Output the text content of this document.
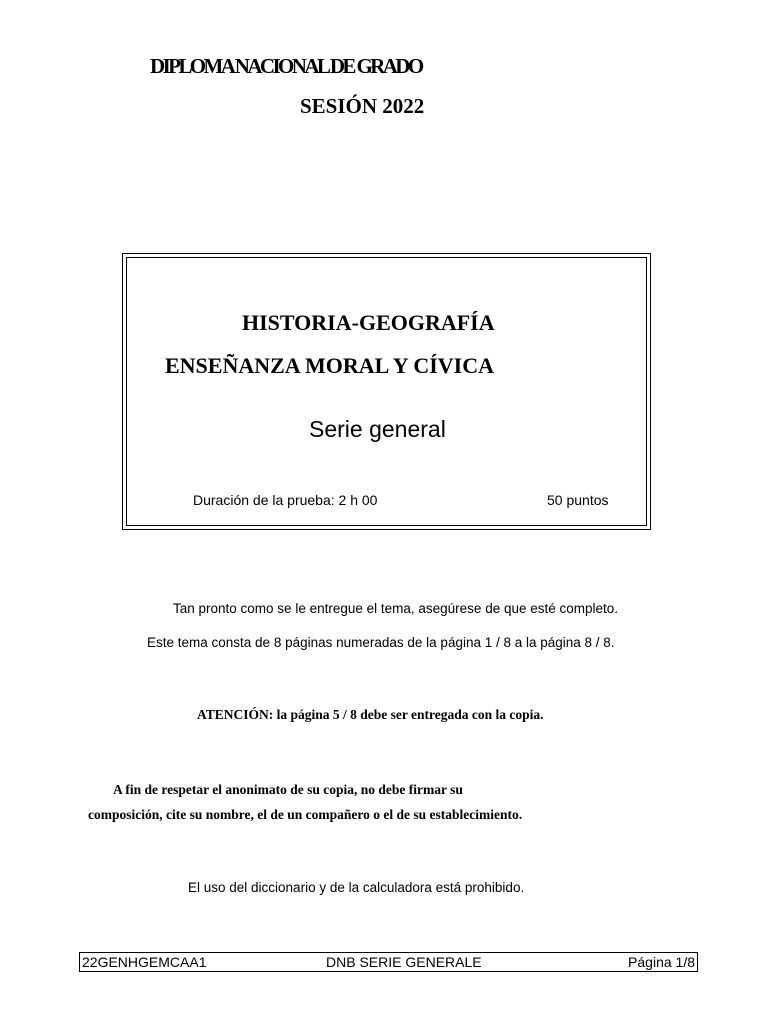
DIPLOMA NACIONAL DE GRADO
SESIÓN 2022
HISTORIA-GEOGRAFÍA
ENSEÑANZA MORAL Y CÍVICA
Serie general
Duración de la prueba: 2 h 00	50 puntos
Tan pronto como se le entregue el tema, asegúrese de que esté completo.
Este tema consta de 8 páginas numeradas de la página 1 / 8 a la página 8 / 8.
ATENCIÓN: la página 5 / 8 debe ser entregada con la copia.
A fin de respetar el anonimato de su copia, no debe firmar su
composición, cite su nombre, el de un compañero o el de su establecimiento.
El uso del diccionario y de la calculadora está prohibido.
22GENHGEMCAA1	DNB SERIE GENERALE	Página 1/8
